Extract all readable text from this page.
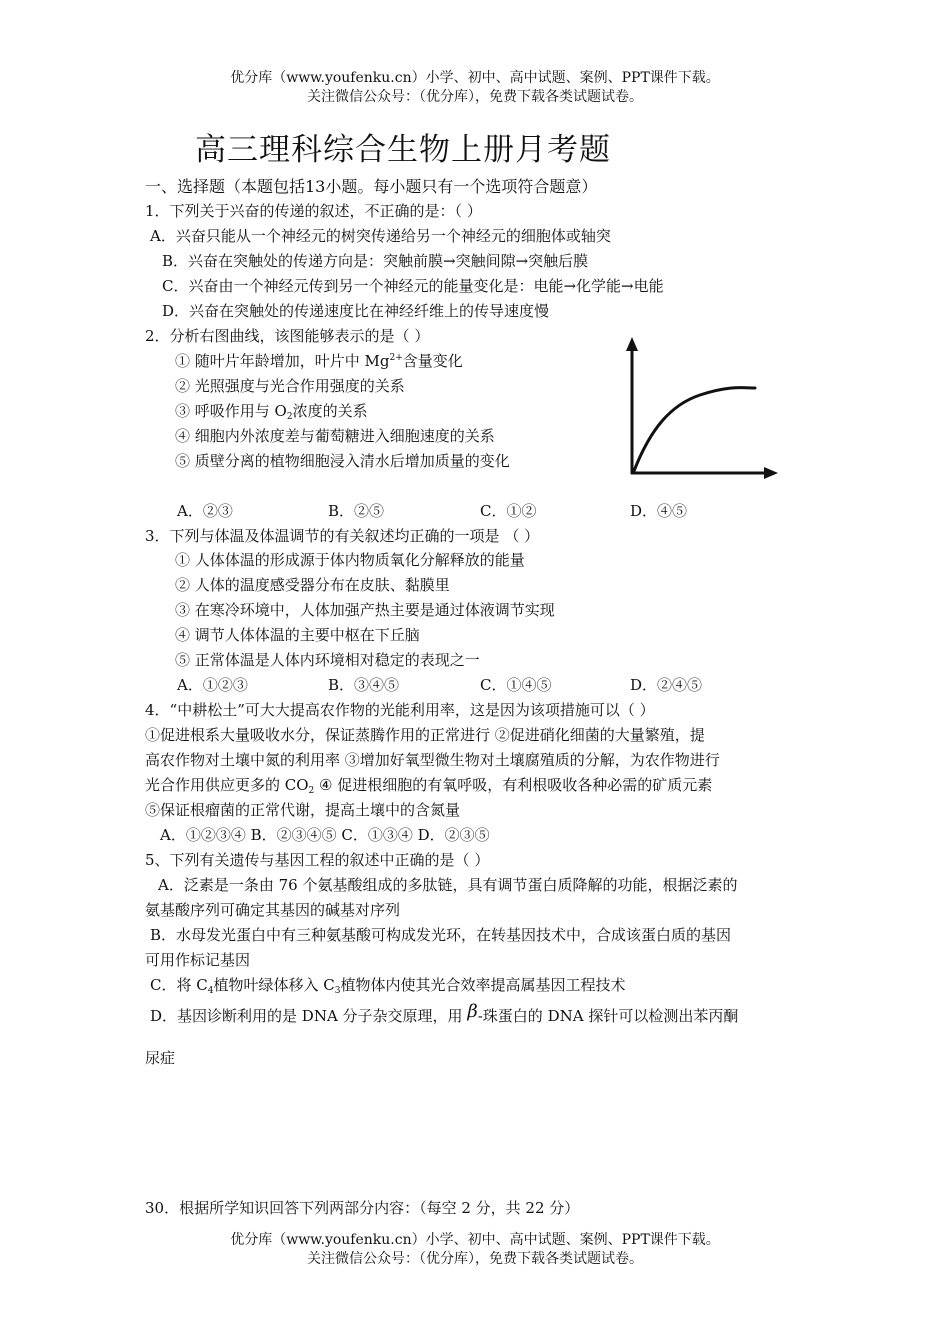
优分库（www.youfenku.cn）小学、初中、高中试题、案例、PPT课件下载。
关注微信公众号：（优分库），免费下载各类试题试卷。
高三理科综合生物上册月考题
一、选择题（本题包括13小题。每小题只有一个选项符合题意）
1．下列关于兴奋的传递的叙述，不正确的是：（ ）
A．兴奋只能从一个神经元的树突传递给另一个神经元的细胞体或轴突
B．兴奋在突触处的传递方向是：突触前膜→突触间隙→突触后膜
C．兴奋由一个神经元传到另一个神经元的能量变化是：电能→化学能→电能
D．兴奋在突触处的传递速度比在神经纤维上的传导速度慢
2．分析右图曲线，该图能够表示的是（ ）
① 随叶片年龄增加，叶片中 $Mg^{2+}$含量变化
② 光照强度与光合作用强度的关系
③ 呼吸作用与 $O_2$浓度的关系
④ 细胞内外浓度差与葡萄糖进入细胞速度的关系
⑤ 质壁分离的植物细胞浸入清水后增加质量的变化
A．②③	B．②⑤	C．①②	D．④⑤
3．下列与体温及体温调节的有关叙述均正确的一项是 （ ）
① 人体体温的形成源于体内物质氧化分解释放的能量
② 人体的温度感受器分布在皮肤、黏膜里
③ 在寒冷环境中，人体加强产热主要是通过体液调节实现
④ 调节人体体温的主要中枢在下丘脑
⑤ 正常体温是人体内环境相对稳定的表现之一
A．①②③	B．③④⑤	C．①④⑤	D．②④⑤
4．“中耕松土”可大大提高农作物的光能利用率，这是因为该项措施可以（ ）
①促进根系大量吸收水分，保证蒸腾作用的正常进行 ②促进硝化细菌的大量繁殖，提
高农作物对土壤中氮的利用率 ③增加好氧型微生物对土壤腐殖质的分解，为农作物进行
光合作用供应更多的 $CO_2$ ④ 促进根细胞的有氧呼吸，有利根吸收各种必需的矿质元素
⑤保证根瘤菌的正常代谢，提高土壤中的含氮量
A．①②③④ B．②③④⑤ C．①③④ D．②③⑤
5、下列有关遗传与基因工程的叙述中正确的是（ ）
A．泛素是一条由 76 个氨基酸组成的多肽链，具有调节蛋白质降解的功能，根据泛素的
氨基酸序列可确定其基因的碱基对序列
B．水母发光蛋白中有三种氨基酸可构成发光环，在转基因技术中，合成该蛋白质的基因
可用作标记基因
C．将 $C_4$植物叶绿体移入 $C_3$植物体内使其光合效率提高属基因工程技术
D．基因诊断利用的是 DNA 分子杂交原理，用 β-珠蛋白的 DNA 探针可以检测出苯丙酮
尿症
30．根据所学知识回答下列两部分内容：（每空 2 分，共 22 分）
优分库（www.youfenku.cn）小学、初中、高中试题、案例、PPT课件下载。
关注微信公众号：（优分库），免费下载各类试题试卷。
